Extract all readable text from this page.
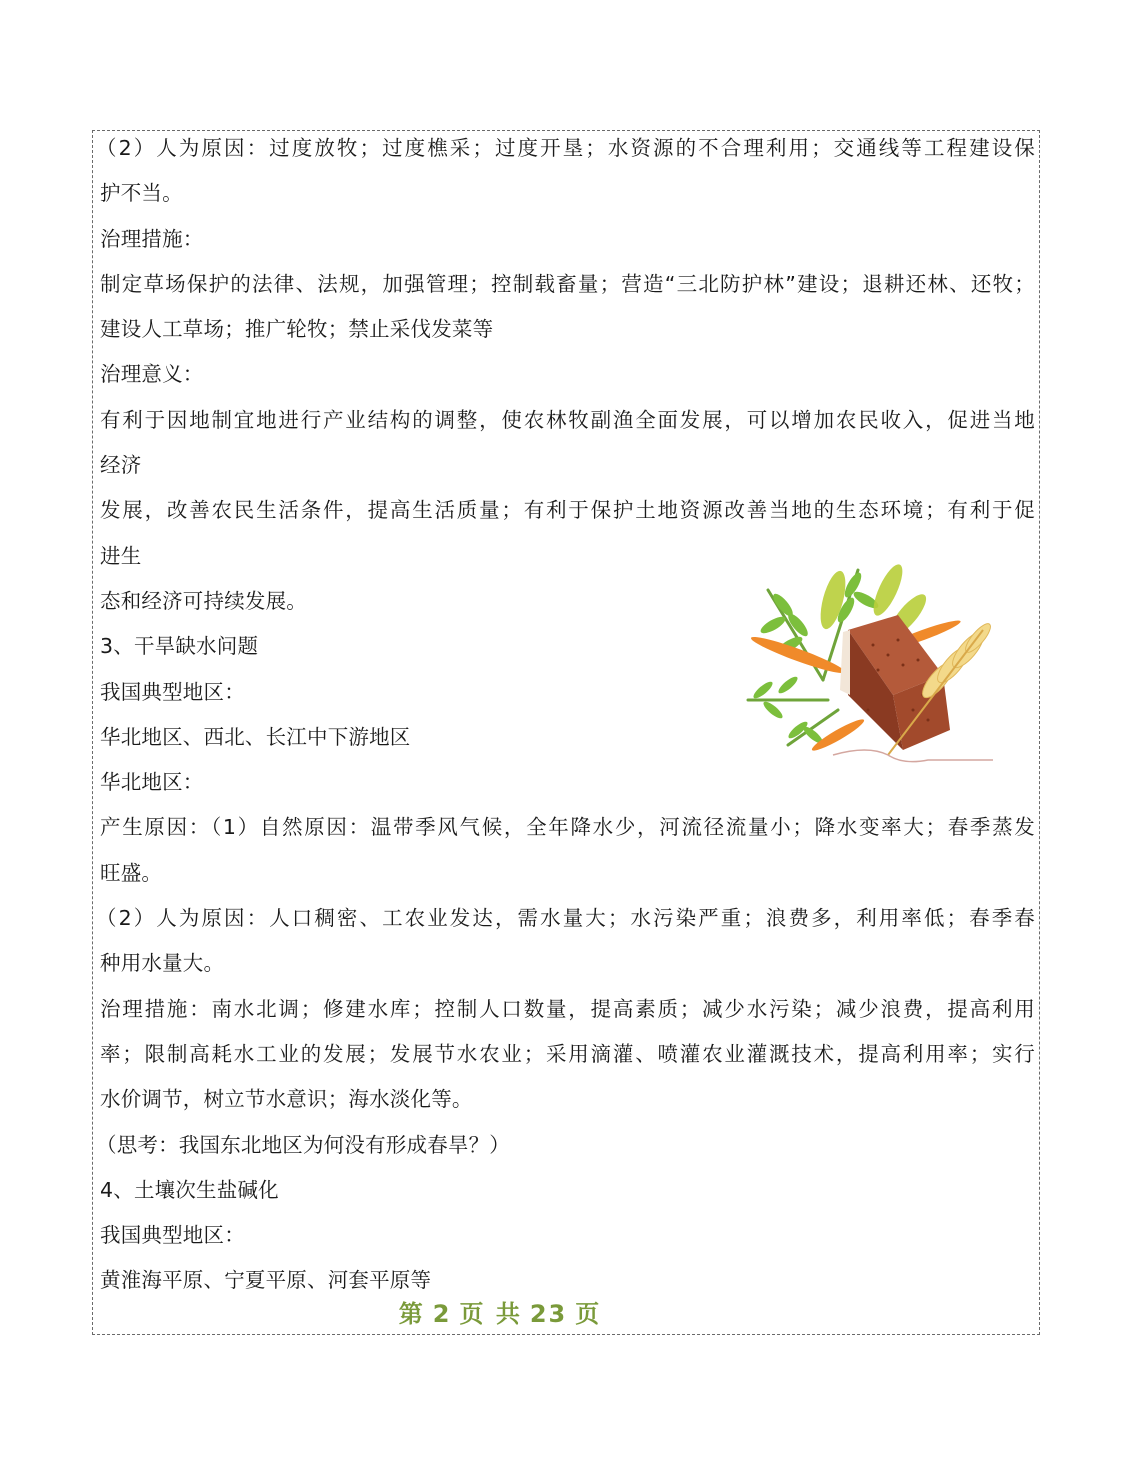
（2）人为原因：过度放牧；过度樵采；过度开垦；水资源的不合理利用；交通线等工程建设保
护不当。
治理措施：
制定草场保护的法律、法规，加强管理；控制载畜量；营造“三北防护林”建设；退耕还林、还牧；
建设人工草场；推广轮牧；禁止采伐发菜等
治理意义：
有利于因地制宜地进行产业结构的调整，使农林牧副渔全面发展，可以增加农民收入，促进当地
经济
发展，改善农民生活条件，提高生活质量；有利于保护土地资源改善当地的生态环境；有利于促
进生
态和经济可持续发展。
3、干旱缺水问题
我国典型地区：
华北地区、西北、长江中下游地区
华北地区：
产生原因：（1）自然原因：温带季风气候，全年降水少，河流径流量小；降水变率大；春季蒸发
旺盛。
（2）人为原因：人口稠密、工农业发达，需水量大；水污染严重；浪费多，利用率低；春季春
种用水量大。
治理措施：南水北调；修建水库；控制人口数量，提高素质；减少水污染；减少浪费，提高利用
率；限制高耗水工业的发展；发展节水农业；采用滴灌、喷灌农业灌溉技术，提高利用率；实行
水价调节，树立节水意识；海水淡化等。
（思考：我国东北地区为何没有形成春旱？）
4、土壤次生盐碱化
我国典型地区：
黄淮海平原、宁夏平原、河套平原等
第 2 页 共 23 页
